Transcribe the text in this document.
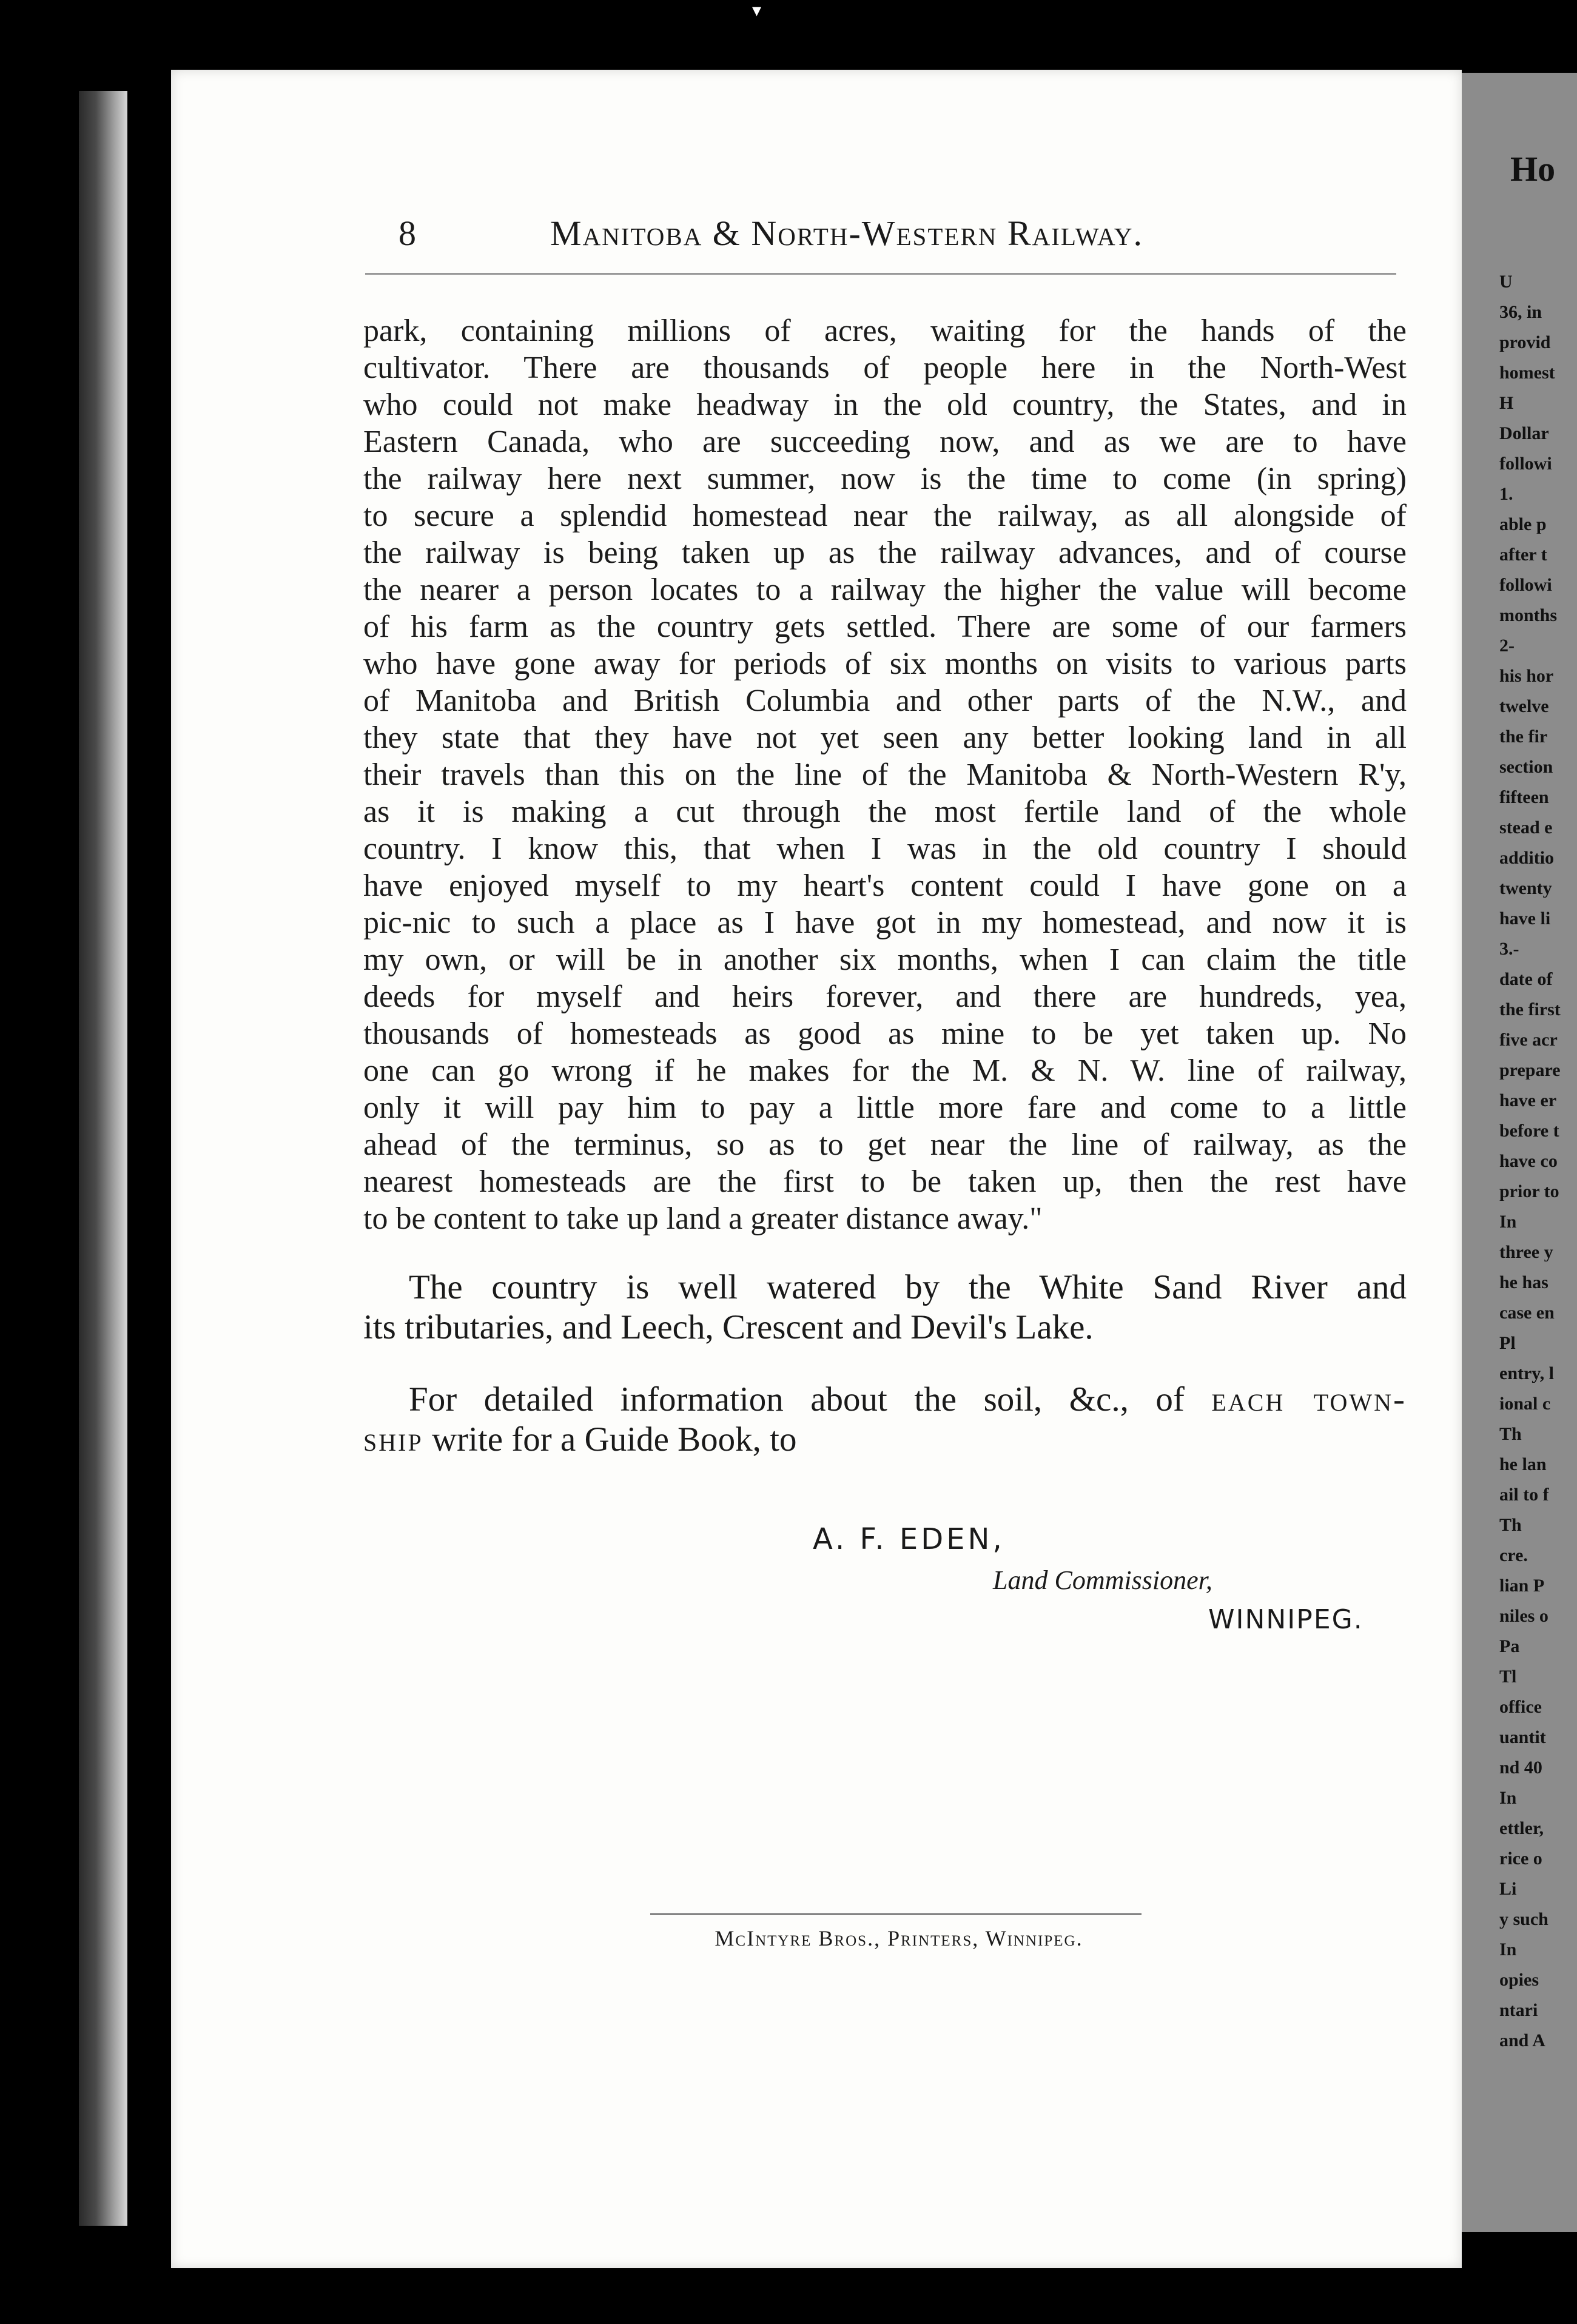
▾
Ho
U
36, in
provid
homest
H
Dollar
followi
1.
able p
after t
followi
months
2-
his hor
twelve
the fir
section
fifteen
stead e
additio
twenty
have li
3.-
date of
the first
five acr
prepare
have er
before t
have co
prior to
In
three y
he has
case en
Pl
entry, l
ional c
Th
he lan
ail to f
Th
cre.
lian P
niles o
Pa
Tl
office
uantit
nd 40
In
ettler,
rice o
Li
y such
In
opies
ntari
and A
8	Manitoba & North-Western Railway.
park, containing millions of acres, waiting for the hands of the
cultivator. There are thousands of people here in the North-West
who could not make headway in the old country, the States, and in
Eastern Canada, who are succeeding now, and as we are to have
the railway here next summer, now is the time to come (in spring)
to secure a splendid homestead near the railway, as all alongside of
the railway is being taken up as the railway advances, and of course
the nearer a person locates to a railway the higher the value will become
of his farm as the country gets settled. There are some of our farmers
who have gone away for periods of six months on visits to various parts
of Manitoba and British Columbia and other parts of the N.W., and
they state that they have not yet seen any better looking land in all
their travels than this on the line of the Manitoba & North-Western R'y,
as it is making a cut through the most fertile land of the whole
country. I know this, that when I was in the old country I should
have enjoyed myself to my heart's content could I have gone on a
pic-nic to such a place as I have got in my homestead, and now it is
my own, or will be in another six months, when I can claim the title
deeds for myself and heirs forever, and there are hundreds, yea,
thousands of homesteads as good as mine to be yet taken up. No
one can go wrong if he makes for the M. & N. W. line of railway,
only it will pay him to pay a little more fare and come to a little
ahead of the terminus, so as to get near the line of railway, as the
nearest homesteads are the first to be taken up, then the rest have
to be content to take up land a greater distance away."
The country is well watered by the White Sand River and
its tributaries, and Leech, Crescent and Devil's Lake.
For detailed information about the soil, &c., of each town-
ship write for a Guide Book, to
A. F. EDEN,
Land Commissioner,
WINNIPEG.
McIntyre Bros., Printers, Winnipeg.
